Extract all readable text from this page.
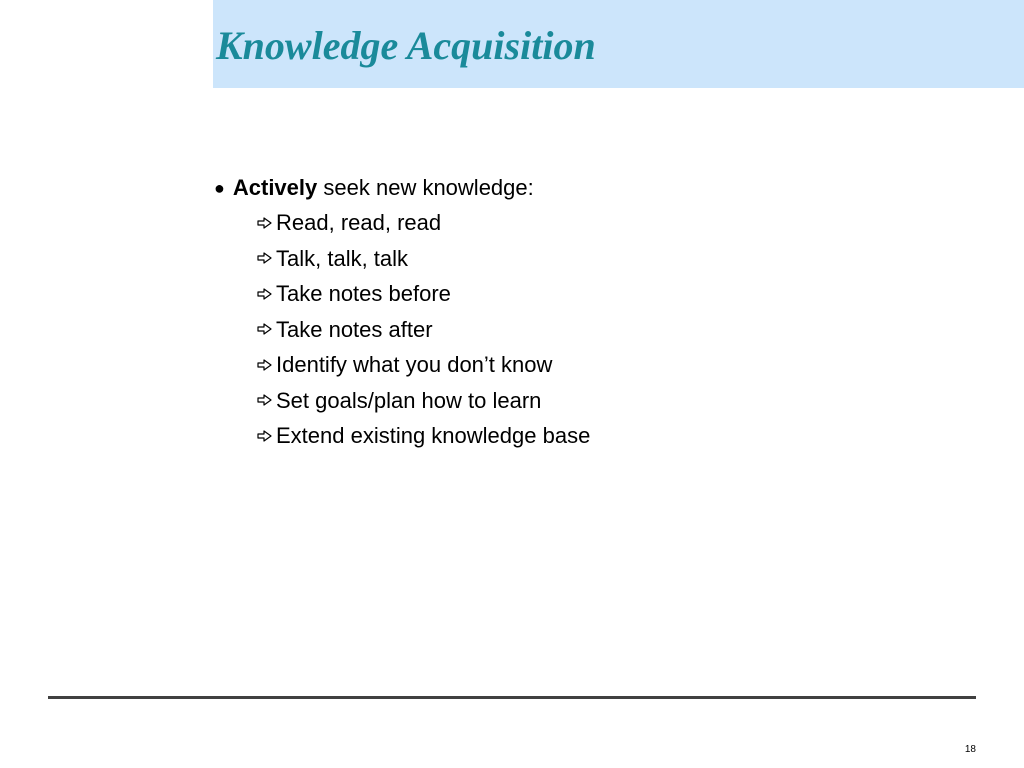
Knowledge Acquisition
● Actively seek new knowledge:
Read, read, read
Talk, talk, talk
Take notes before
Take notes after
Identify what you don’t know
Set goals/plan how to learn
Extend existing knowledge base
18
